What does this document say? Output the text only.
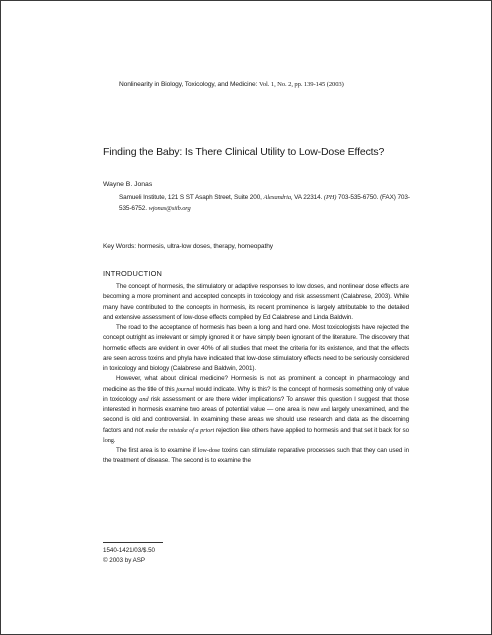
Nonlinearity in Biology, Toxicology, and Medicine: Vol. 1, No. 2, pp. 139-145 (2003)
Finding the Baby: Is There Clinical Utility to Low-Dose Effects?
Wayne B. Jonas
Samueli Institute, 121 S ST Asaph Street, Suite 200, Alexandria, VA 22314. (PH) 703-535-6750. (FAX) 703-535-6752. wjonas@siib.org
Key Words: hormesis, ultra-low doses, therapy, homeopathy
INTRODUCTION

The concept of hormesis, the stimulatory or adaptive responses to low doses, and nonlinear dose effects are becoming a more prominent and accepted concepts in toxicology and risk assessment (Calabrese, 2003). While many have contributed to the concepts in hormesis, its recent prominence is largely attributable to the detailed and extensive assessment of low-dose effects compiled by Ed Calabrese and Linda Baldwin.

The road to the acceptance of hormesis has been a long and hard one. Most toxicologists have rejected the concept outright as irrelevant or simply ignored it or have simply been ignorant of the literature. The discovery that hormetic effects are evident in over 40% of all studies that meet the criteria for its existence, and that the effects are seen across toxins and phyla have indicated that low-dose stimulatory effects need to be seriously considered in toxicology and biology (Calabrese and Baldwin, 2001).

However, what about clinical medicine? Hormesis is not as prominent a concept in pharmacology and medicine as the title of this journal would indicate. Why is this? Is the concept of hormesis something only of value in toxicology and risk assessment or are there wider implications? To answer this question I suggest that those interested in hormesis examine two areas of potential value — one area is new and largely unexamined, and the second is old and controversial. In examining these areas we should use research and data as the discerning factors and not make the mistake of a priori rejection like others have applied to hormesis and that set it back for so long.

The first area is to examine if low-dose toxins can stimulate reparative processes such that they can used in the treatment of disease. The second is to examine the

1540-1421/03/$.50
© 2003 by ASP
